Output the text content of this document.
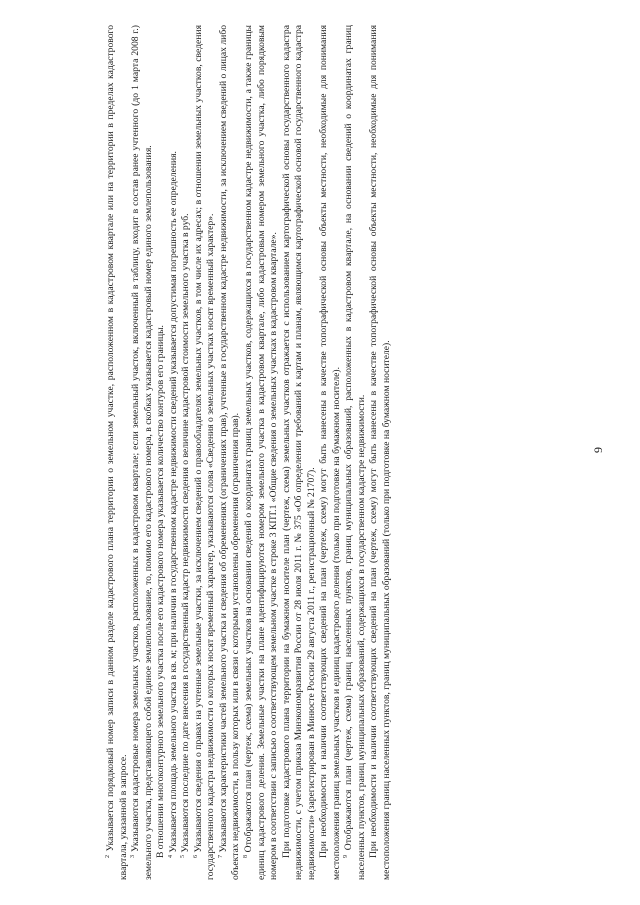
9

$^2$ Указывается порядковый номер записи в данном разделе кадастрового плана территории о земельном участке, расположенном в кадастровом квартале или на территории в пределах кадастрового квартала, указанной в запросе. $^3$ Указываются кадастровые номера земельных участков, расположенных в кадастровом квартале; если земельный участок, включенный в таблицу, входит в состав ранее учтенного (до 1 марта 2008 г.) земельного участка, представляющего собой единое землепользование, то, помимо его кадастрового номера, в скобках указывается кадастровый номер единого землепользования. В отношении многоконтурного земельного участка после его кадастрового номера указывается количество контуров его границы. $^4$ Указывается площадь земельного участка в кв. м; при наличии в государственном кадастре недвижимости сведений указывается допустимая погрешность ее определения.

$^5$ Указываются последние по дате внесения в государственный кадастр недвижимости сведения о величине кадастровой стоимости земельного участка в руб.

$^6$ Указываются сведения о правах на учтенные земельные участки, за исключением сведений о правообладателях земельных участков, в том числе их адресах; в отношении земельных участков, сведения государственного кадастра недвижимости о которых носят временный характер, указываются слова «Сведения о земельных участках носят временный характер». $^7$ Указываются характеристики частей земельного участка и сведения об обременениях (ограничениях прав), учтенные в государственном кадастре недвижимости, за исключением сведений о лицах либо объектах недвижимости, в пользу которых или в связи с которыми установлены обременения (ограничения прав). $^8$ Отображаются план (чертеж, схема) земельных участков на основании сведений о координатах границ земельных участков, содержащихся в государственном кадастре недвижимости, а также границы единиц кадастрового деления. Земельные участки на плане идентифицируются номером земельного участка в кадастровом квартале, либо кадастровым номером земельного участка, либо порядковым номером в соответствии с записью о соответствующем земельном участке в строке 3 КПТ.1 «Общие сведения о земельных участках в кадастровом квартале». При подготовке кадастрового плана территории на бумажном носителе план (чертеж, схема) земельных участков отражается с использованием картографической основы государственного кадастра недвижимости, с учетом приказа Минэкономразвития России от 28 июля 2011 г. № 375 «Об определении требований к картам и планам, являющимся картографической основой государственного кадастра недвижимости» (зарегистрирован в Минюсте России 29 августа 2011 г., регистрационный № 21707). При необходимости и наличии соответствующих сведений на план (чертеж, схему) могут быть нанесены в качестве топографической основы объекты местности, необходимые для понимания местоположения границ земельных участков и единиц кадастрового деления (только при подготовке на бумажном носителе). $^9$ Отображаются план (чертеж, схема) границ населенных пунктов, границ муниципальных образований, расположенных в кадастровом квартале, на основании сведений о координатах границ населенных пунктов, границ муниципальных образований, содержащихся в государственном кадастре недвижимости. При необходимости и наличии соответствующих сведений на план (чертеж, схему) могут быть нанесены в качестве топографической основы объекты местности, необходимые для понимания местоположения границ населенных пунктов, границ муниципальных образований (только при подготовке на бумажном носителе).
